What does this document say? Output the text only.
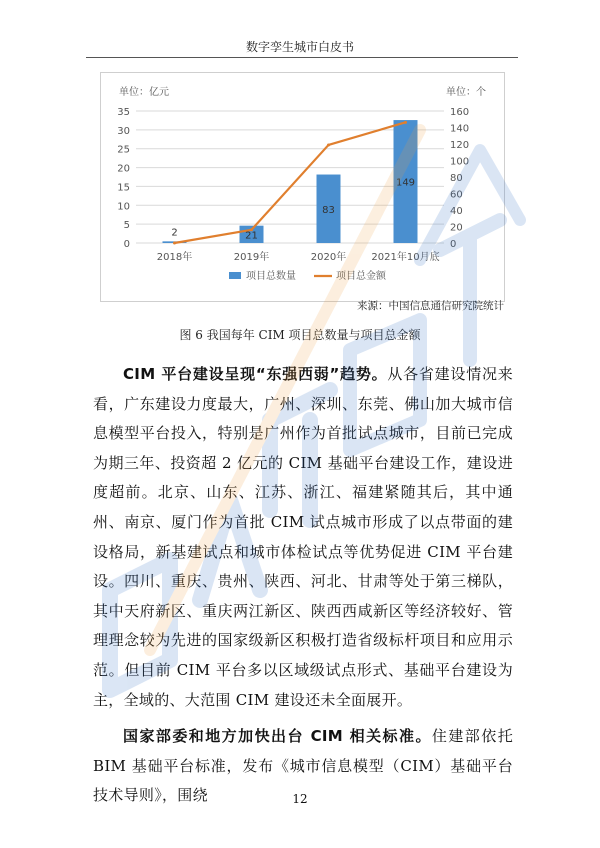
数字孪生城市白皮书
0
5
10
15
20
25
30
35
0
20
40
60
80
100
120
140
160
单位：亿元	单位：个
2018年	2019年	2020年	2021年10月底
2	21
83
149
项目总数量	项目总金额
来源：中国信息通信研究院统计
图 6 我国每年 CIM 项目总数量与项目总金额

CIM 平台建设呈现“东强西弱”趋势。从各省建设情况来看，广东建设力度最大，广州、深圳、东莞、佛山加大城市信息模型平台投入，特别是广州作为首批试点城市，目前已完成为期三年、投资超 2 亿元的 CIM 基础平台建设工作，建设进度超前。北京、山东、江苏、浙江、福建紧随其后，其中通州、南京、厦门作为首批 CIM 试点城市形成了以点带面的建设格局，新基建试点和城市体检试点等优势促进 CIM 平台建设。四川、重庆、贵州、陕西、河北、甘肃等处于第三梯队，其中天府新区、重庆两江新区、陕西西咸新区等经济较好、管理理念较为先进的国家级新区积极打造省级标杆项目和应用示范。但目前 CIM 平台多以区域级试点形式、基础平台建设为主，全域的、大范围 CIM 建设还未全面展开。

国家部委和地方加快出台 CIM 相关标准。住建部依托 BIM 基础平台标准，发布《城市信息模型（CIM）基础平台技术导则》，围绕	12
